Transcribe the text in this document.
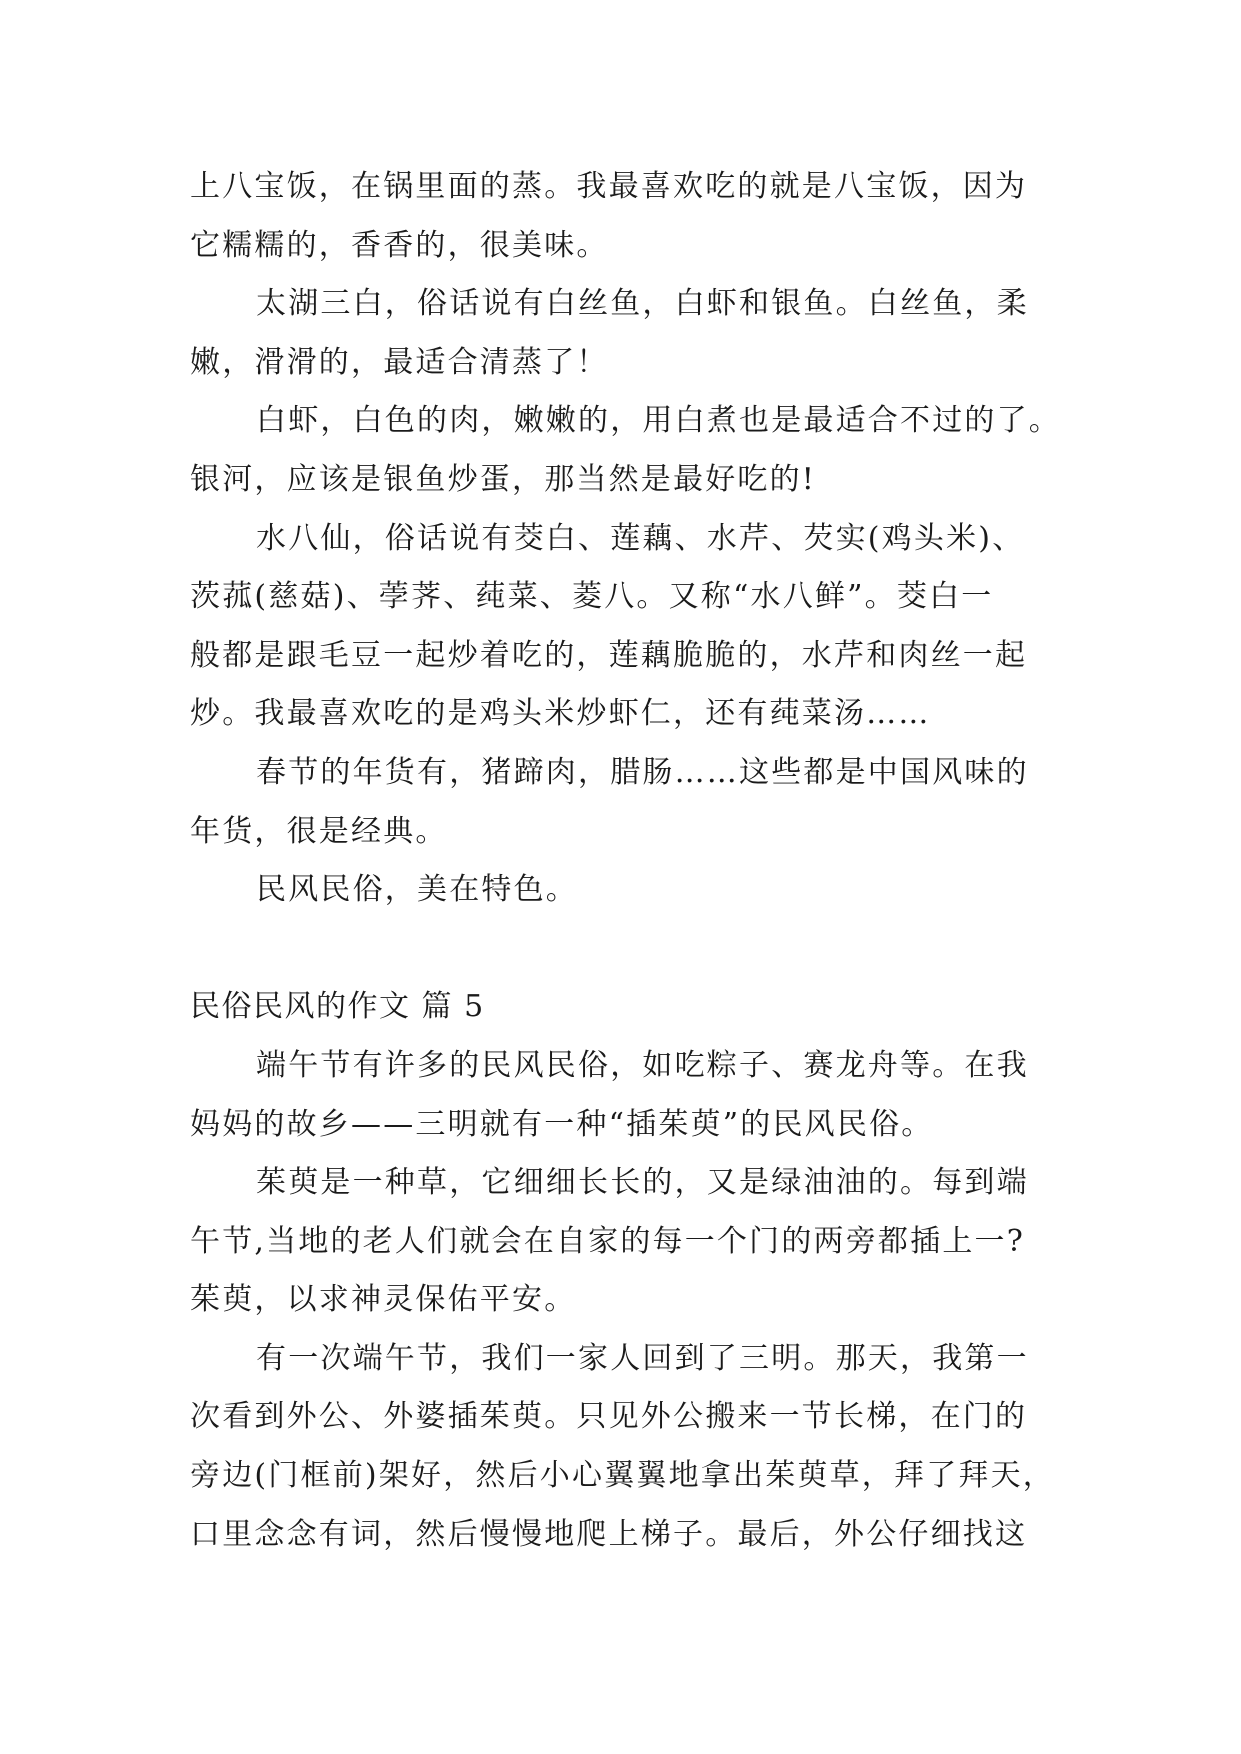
上八宝饭，在锅里面的蒸。我最喜欢吃的就是八宝饭，因为
它糯糯的，香香的，很美味。
太湖三白，俗话说有白丝鱼，白虾和银鱼。白丝鱼，柔
嫩，滑滑的，最适合清蒸了！
白虾，白色的肉，嫩嫩的，用白煮也是最适合不过的了。
银河，应该是银鱼炒蛋，那当然是最好吃的!
水八仙，俗话说有茭白、莲藕、水芹、芡实(鸡头米)、
茨菰(慈菇)、荸荠、莼菜、菱八。又称“水八鲜”。茭白一
般都是跟毛豆一起炒着吃的，莲藕脆脆的，水芹和肉丝一起
炒。我最喜欢吃的是鸡头米炒虾仁，还有莼菜汤……
春节的年货有，猪蹄肉，腊肠……这些都是中国风味的
年货，很是经典。
民风民俗，美在特色。
民俗民风的作文 篇 5
端午节有许多的民风民俗，如吃粽子、赛龙舟等。在我
妈妈的故乡——三明就有一种“插茱萸”的民风民俗。
茱萸是一种草，它细细长长的，又是绿油油的。每到端
午节,当地的老人们就会在自家的每一个门的两旁都插上一?
茱萸，以求神灵保佑平安。
有一次端午节，我们一家人回到了三明。那天，我第一
次看到外公、外婆插茱萸。只见外公搬来一节长梯，在门的
旁边(门框前)架好，然后小心翼翼地拿出茱萸草，拜了拜天，
口里念念有词，然后慢慢地爬上梯子。最后，外公仔细找这
